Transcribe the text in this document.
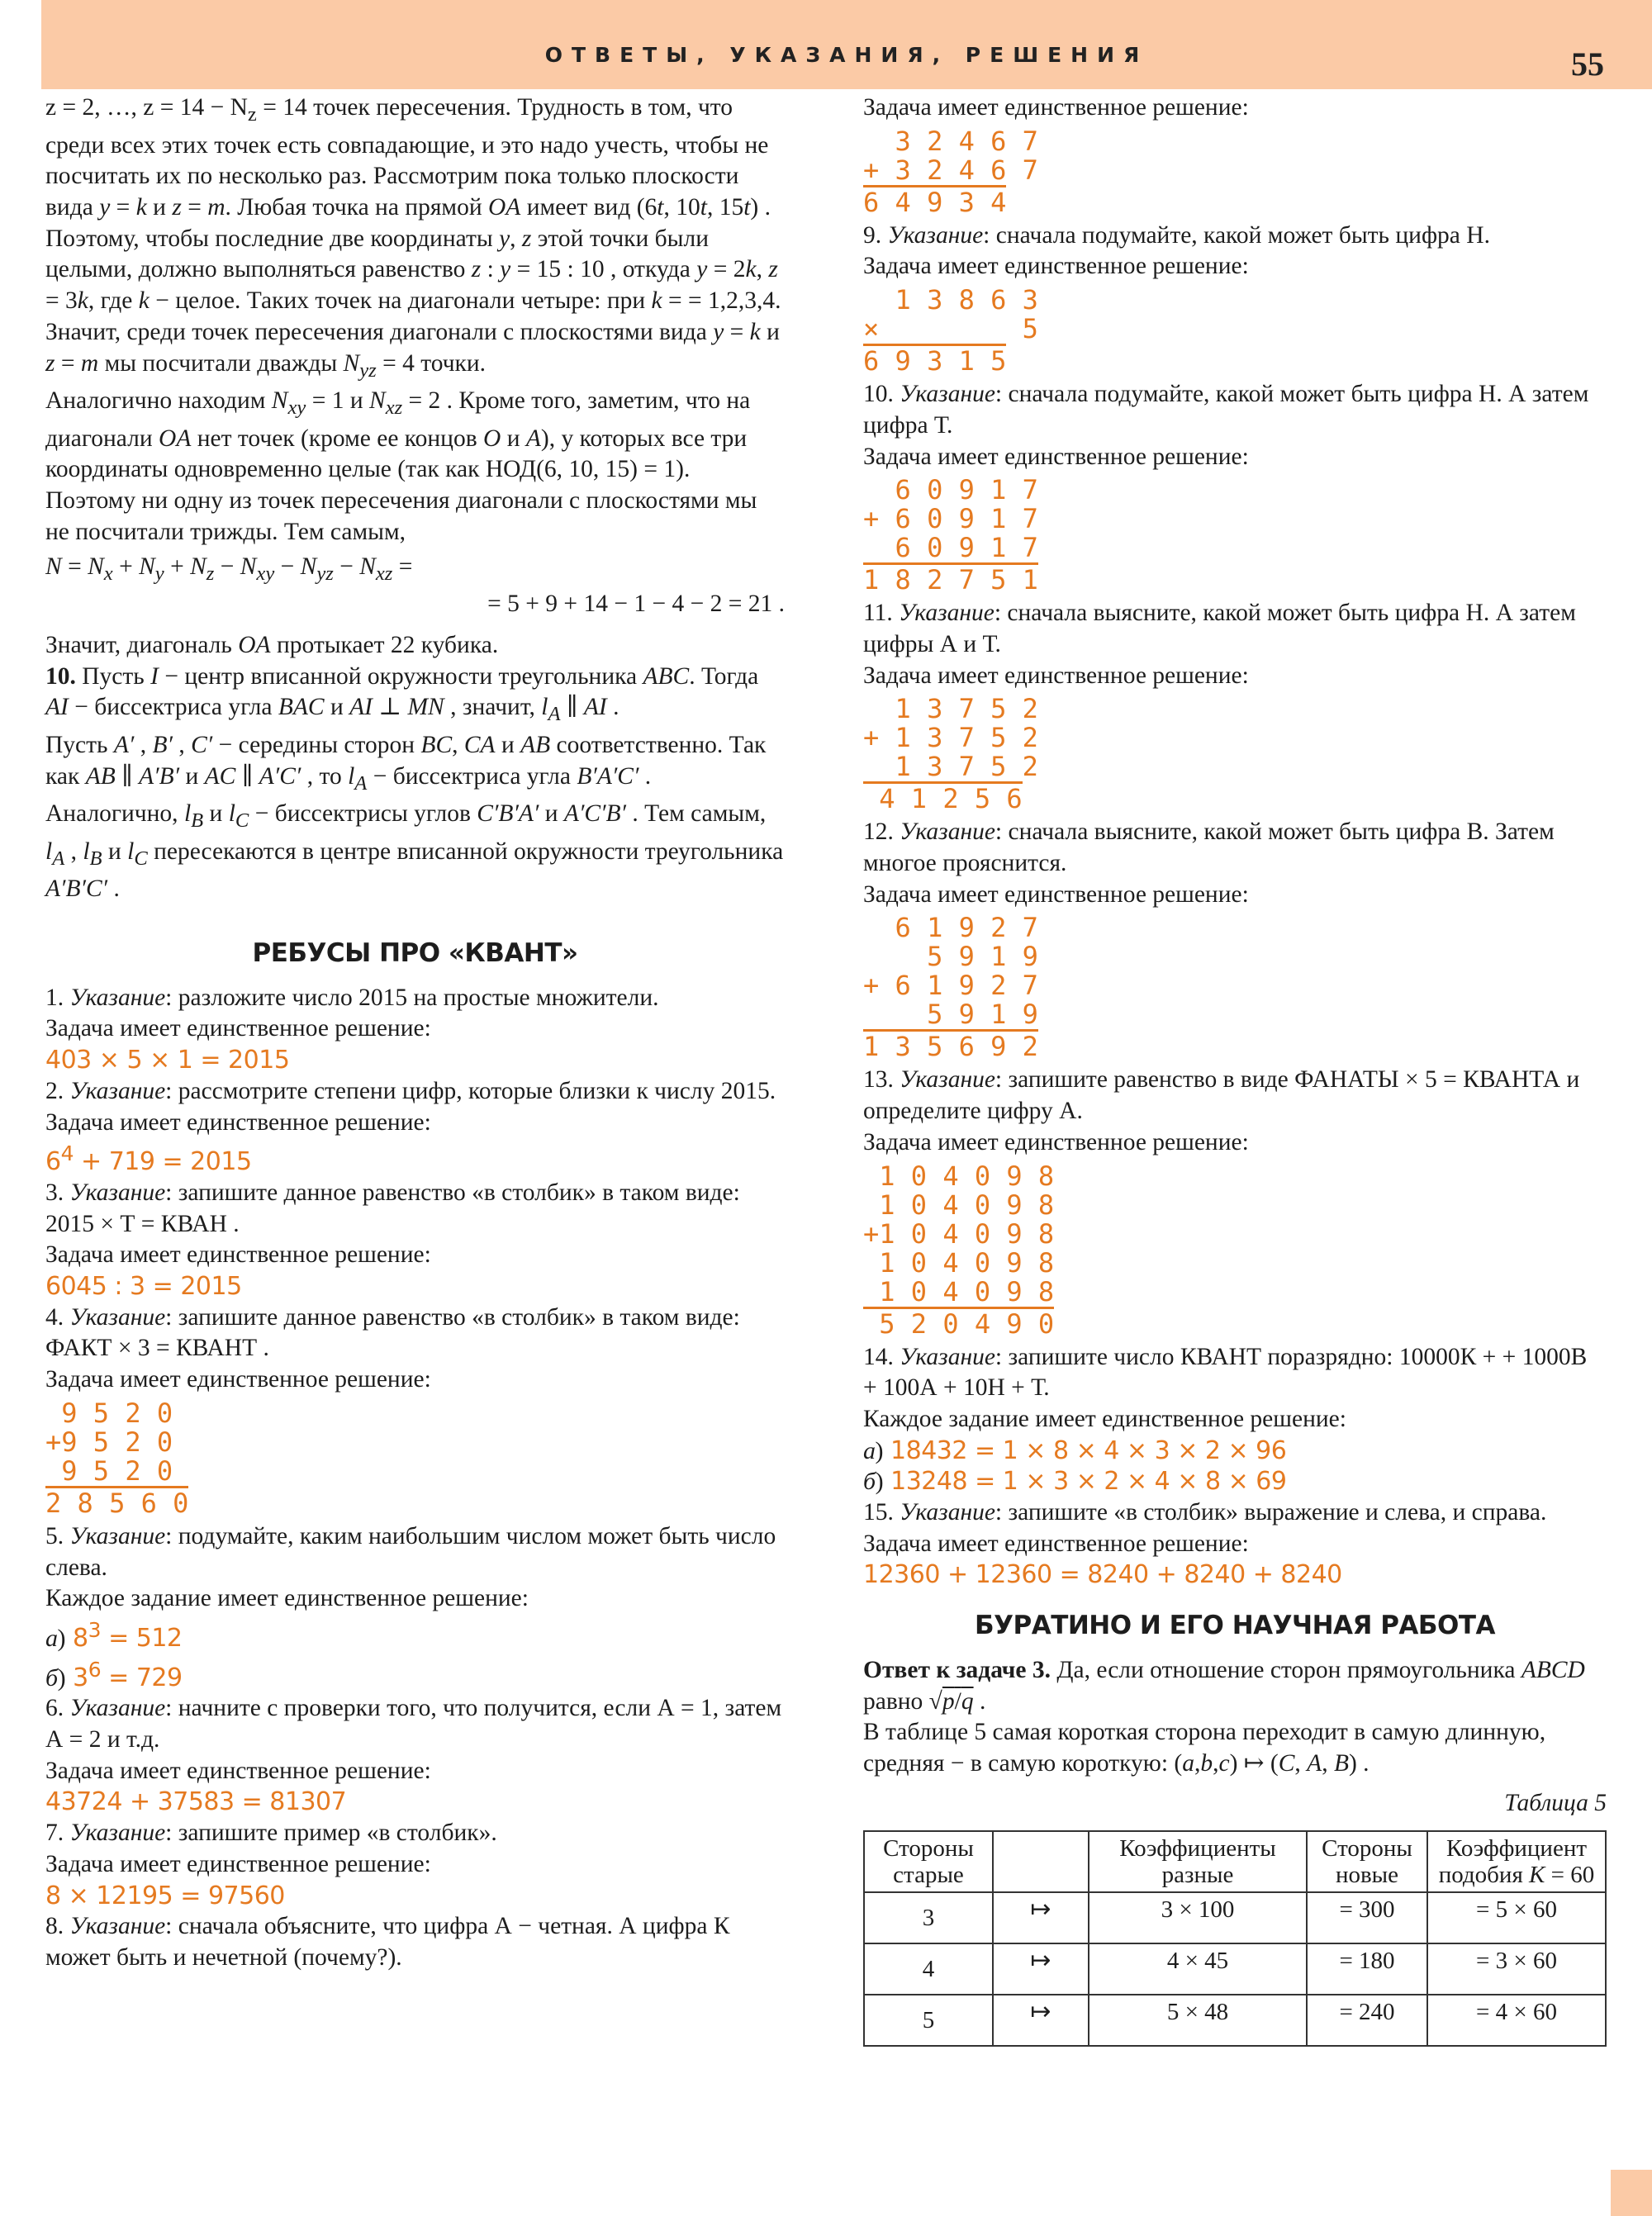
ОТВЕТЫ, УКАЗАНИЯ, РЕШЕНИЯ	55

z = 2, …, $z = 14 - N_z = 14$ точек пересечения. Трудность в том, что среди всех этих точек есть совпадающие, и это надо учесть, чтобы не посчитать их по несколько раз. Рассмотрим пока только плоскости вида y = k и z = m. Любая точка на прямой OA имеет вид (6t, 10t, 15t) . Поэтому, чтобы последние две координаты y, z этой точки были целыми, должно выполняться равенство z : y = 15 : 10 , откуда y = 2k, z = 3k, где k − целое. Таких точек на диагонали четыре: при k = = 1,2,3,4. Значит, среди точек пересечения диагонали с плоскостями вида y = k и z = m мы посчитали дважды $N_{yz} = 4$ точки.

Аналогично находим $N_{xy} = 1$ и $N_{xz} = 2$ . Кроме того, заметим, что на диагонали OA нет точек (кроме ее концов O и A), у которых все три координаты одновременно целые (так как НОД(6, 10, 15) = 1). Поэтому ни одну из точек пересечения диагонали с плоскостями мы не посчитали трижды. Тем самым,

$N = N_x + N_y + N_z - N_{xy} - N_{yz} - N_{xz}$ =

= 5 + 9 + 14 − 1 − 4 − 2 = 21 .

Значит, диагональ OA протыкает 22 кубика.

10. Пусть I − центр вписанной окружности треугольника ABC. Тогда AI − биссектриса угла BAC и AI ⊥ MN , значит, $l_A$ ∥ AI .

Пусть A′ , B′ , C′ − середины сторон BC, CA и AB соответственно. Так как AB ∥ A′B′ и AC ∥ A′C′ , то $l_A$ − биссектриса угла B′A′C′ . Аналогично, $l_B$ и $l_C$ − биссектрисы углов C′B′A′ и A′C′B′ . Тем самым, $l_A$ , $l_B$ и $l_C$ пересекаются в центре вписанной окружности треугольника A′B′C′ .

РЕБУСЫ ПРО «КВАНТ»

1. Указание: разложите число 2015 на простые множители.

Задача имеет единственное решение:

403 × 5 × 1 = 2015

2. Указание: рассмотрите степени цифр, которые близки к числу 2015.

Задача имеет единственное решение:

$6^4 + 719 = 2015$

3. Указание: запишите данное равенство «в столбик» в таком виде: 2015 × Т = КВАН .

Задача имеет единственное решение:

6045 : 3 = 2015

4. Указание: запишите данное равенство «в столбик» в таком виде: ФАКТ × 3 = КВАНТ .

Задача имеет единственное решение:

9 5 2 0
+9 5 2 0
9 5 2 0
2 8 5 6 0

5. Указание: подумайте, каким наибольшим числом может быть число слева.

Каждое задание имеет единственное решение:

а) $8^3 = 512$

б) $3^6 = 729$

6. Указание: начните с проверки того, что получится, если А = 1, затем А = 2 и т.д.

Задача имеет единственное решение:

43724 + 37583 = 81307

7. Указание: запишите пример «в столбик».

Задача имеет единственное решение:

8 × 12195 = 97560

8. Указание: сначала объясните, что цифра А − четная. А цифра К может быть и нечетной (почему?).

Задача имеет единственное решение:

3 2 4 6 7
+ 3 2 4 6 7
6 4 9 3 4

9. Указание: сначала подумайте, какой может быть цифра Н.

Задача имеет единственное решение:

1 3 8 6 3
×         5
6 9 3 1 5

10. Указание: сначала подумайте, какой может быть цифра Н. А затем цифра Т.

Задача имеет единственное решение:

6 0 9 1 7
+ 6 0 9 1 7
6 0 9 1 7
1 8 2 7 5 1

11. Указание: сначала выясните, какой может быть цифра Н. А затем цифры А и Т.

Задача имеет единственное решение:

1 3 7 5 2
+ 1 3 7 5 2
1 3 7 5 2
4 1 2 5 6

12. Указание: сначала выясните, какой может быть цифра В. Затем многое прояснится.

Задача имеет единственное решение:

6 1 9 2 7
5 9 1 9
+ 6 1 9 2 7
5 9 1 9
1 3 5 6 9 2

13. Указание: запишите равенство в виде ФАНАТЫ × 5 = КВАНТА и определите цифру А.

Задача имеет единственное решение:

1 0 4 0 9 8
1 0 4 0 9 8
+1 0 4 0 9 8
1 0 4 0 9 8
1 0 4 0 9 8
5 2 0 4 9 0

14. Указание: запишите число КВАНТ поразрядно: 10000К + + 1000В + 100А + 10Н + Т.

Каждое задание имеет единственное решение:

а) 18432 = 1 × 8 × 4 × 3 × 2 × 96

б) 13248 = 1 × 3 × 2 × 4 × 8 × 69

15. Указание: запишите «в столбик» выражение и слева, и справа.

Задача имеет единственное решение:

12360 + 12360 = 8240 + 8240 + 8240

БУРАТИНО И ЕГО НАУЧНАЯ РАБОТА

Ответ к задаче 3. Да, если отношение сторон прямоугольника ABCD равно √p/q .

В таблице 5 самая короткая сторона переходит в самую длинную, средняя − в самую короткую: (a,b,c) ↦ (C, A, B) .

Таблица 5

Стороны старые		Коэффициенты разные	Стороны новые	Коэффициент подобия K = 60
3	↦	3 × 100	= 300	= 5 × 60
4	↦	4 × 45	= 180	= 3 × 60
5	↦	5 × 48	= 240	= 4 × 60
